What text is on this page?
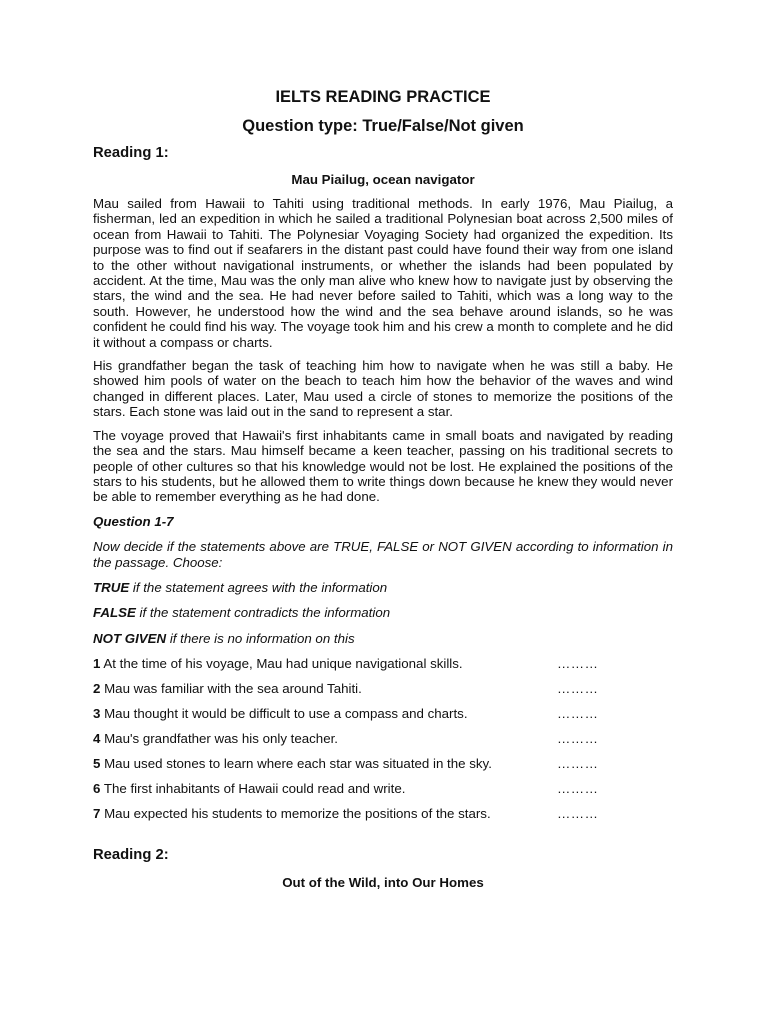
IELTS READING PRACTICE
Question type: True/False/Not given
Reading 1:
Mau Piailug, ocean navigator

Mau sailed from Hawaii to Tahiti using traditional methods. In early 1976, Mau Piailug, a fisherman, led an expedition in which he sailed a traditional Polynesian boat across 2,500 miles of ocean from Hawaii to Tahiti. The Polynesiar Voyaging Society had organized the expedition. Its purpose was to find out if seafarers in the distant past could have found their way from one island to the other without navigational instruments, or whether the islands had been populated by accident. At the time, Mau was the only man alive who knew how to navigate just by observing the stars, the wind and the sea. He had never before sailed to Tahiti, which was a long way to the south. However, he understood how the wind and the sea behave around islands, so he was confident he could find his way. The voyage took him and his crew a month to complete and he did it without a compass or charts.

His grandfather began the task of teaching him how to navigate when he was still a baby. He showed him pools of water on the beach to teach him how the behavior of the waves and wind changed in different places. Later, Mau used a circle of stones to memorize the positions of the stars. Each stone was laid out in the sand to represent a star.

The voyage proved that Hawaii's first inhabitants came in small boats and navigated by reading the sea and the stars. Mau himself became a keen teacher, passing on his traditional secrets to people of other cultures so that his knowledge would not be lost. He explained the positions of the stars to his students, but he allowed them to write things down because he knew they would never be able to remember everything as he had done.

Question 1-7
Now decide if the statements above are TRUE, FALSE or NOT GIVEN according to information in the passage. Choose:
TRUE if the statement agrees with the information
FALSE if the statement contradicts the information
NOT GIVEN if there is no information on this
1 At the time of his voyage, Mau had unique navigational skills.	………
2 Mau was familiar with the sea around Tahiti.	………
3 Mau thought it would be difficult to use a compass and charts.	………
4 Mau's grandfather was his only teacher.	………
5 Mau used stones to learn where each star was situated in the sky.	………
6 The first inhabitants of Hawaii could read and write.	………
7 Mau expected his students to memorize the positions of the stars.	………
Reading 2:
Out of the Wild, into Our Homes
